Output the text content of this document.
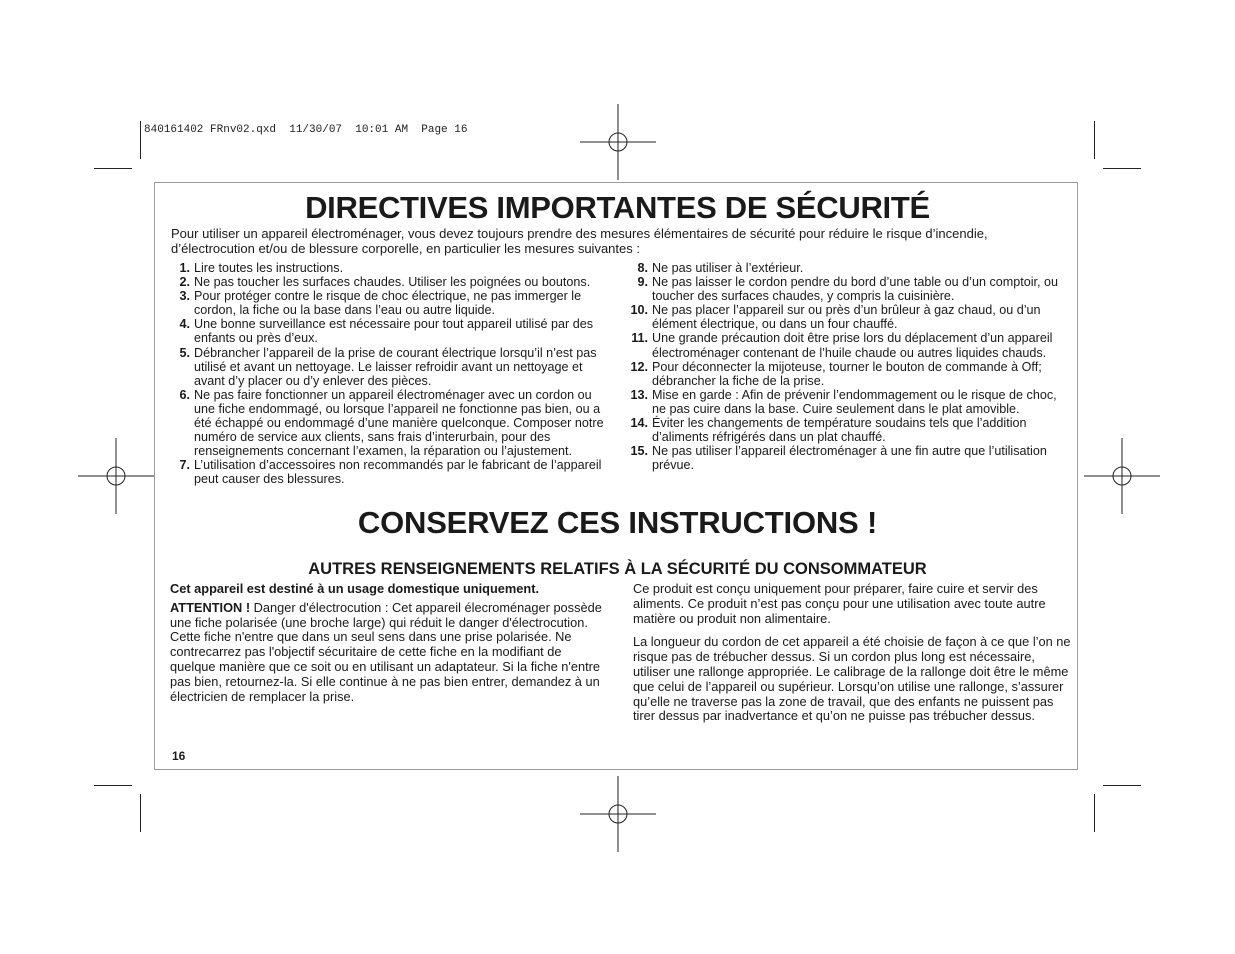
840161402 FRnv02.qxd  11/30/07  10:01 AM  Page 16
DIRECTIVES IMPORTANTES DE SÉCURITÉ

Pour utiliser un appareil électroménager, vous devez toujours prendre des mesures élémentaires de sécurité pour réduire le risque d’incendie, d’électrocution et/ou de blessure corporelle, en particulier les mesures suivantes :

1. Lire toutes les instructions.
2. Ne pas toucher les surfaces chaudes. Utiliser les poignées ou boutons.
3. Pour protéger contre le risque de choc électrique, ne pas immerger le cordon, la fiche ou la base dans l’eau ou autre liquide.
4. Une bonne surveillance est nécessaire pour tout appareil utilisé par des enfants ou près d’eux.
5. Débrancher l’appareil de la prise de courant électrique lorsqu’il n’est pas utilisé et avant un nettoyage. Le laisser refroidir avant un nettoyage et avant d’y placer ou d’y enlever des pièces.
6. Ne pas faire fonctionner un appareil électroménager avec un cordon ou une fiche endommagé, ou lorsque l’appareil ne fonctionne pas bien, ou a été échappé ou endommagé d’une manière quelconque. Composer notre numéro de service aux clients, sans frais d’interurbain, pour des renseignements concernant l’examen, la réparation ou l’ajustement.
7. L’utilisation d’accessoires non recommandés par le fabricant de l’appareil peut causer des blessures.
8. Ne pas utiliser à l’extérieur.
9. Ne pas laisser le cordon pendre du bord d’une table ou d’un comptoir, ou toucher des surfaces chaudes, y compris la cuisinière.
10. Ne pas placer l’appareil sur ou près d’un brûleur à gaz chaud, ou d’un élément électrique, ou dans un four chauffé.
11. Une grande précaution doit être prise lors du déplacement d’un appareil électroménager contenant de l’huile chaude ou autres liquides chauds.
12. Pour déconnecter la mijoteuse, tourner le bouton de commande à Off; débrancher la fiche de la prise.
13. Mise en garde : Afin de prévenir l’endommagement ou le risque de choc, ne pas cuire dans la base. Cuire seulement dans le plat amovible.
14. Éviter les changements de température soudains tels que l’addition d’aliments réfrigérés dans un plat chauffé.
15. Ne pas utiliser l’appareil électroménager à une fin autre que l’utilisation prévue.
CONSERVEZ CES INSTRUCTIONS !
AUTRES RENSEIGNEMENTS RELATIFS À LA SÉCURITÉ DU CONSOMMATEUR

Cet appareil est destiné à un usage domestique uniquement.

ATTENTION ! Danger d'électrocution : Cet appareil élecroménager possède une fiche polarisée (une broche large) qui réduit le danger d'électrocution. Cette fiche n'entre que dans un seul sens dans une prise polarisée. Ne contrecarrez pas l'objectif sécuritaire de cette fiche en la modifiant de quelque manière que ce soit ou en utilisant un adaptateur. Si la fiche n'entre pas bien, retournez-la. Si elle continue à ne pas bien entrer, demandez à un électricien de remplacer la prise.

Ce produit est conçu uniquement pour préparer, faire cuire et servir des aliments. Ce produit n’est pas conçu pour une utilisation avec toute autre matière ou produit non alimentaire.

La longueur du cordon de cet appareil a été choisie de façon à ce que l’on ne risque pas de trébucher dessus. Si un cordon plus long est nécessaire, utiliser une rallonge appropriée. Le calibrage de la rallonge doit être le même que celui de l’appareil ou supérieur. Lorsqu’on utilise une rallonge, s’assurer qu’elle ne traverse pas la zone de travail, que des enfants ne puissent pas tirer dessus par inadvertance et qu’on ne puisse pas trébucher dessus.

16
